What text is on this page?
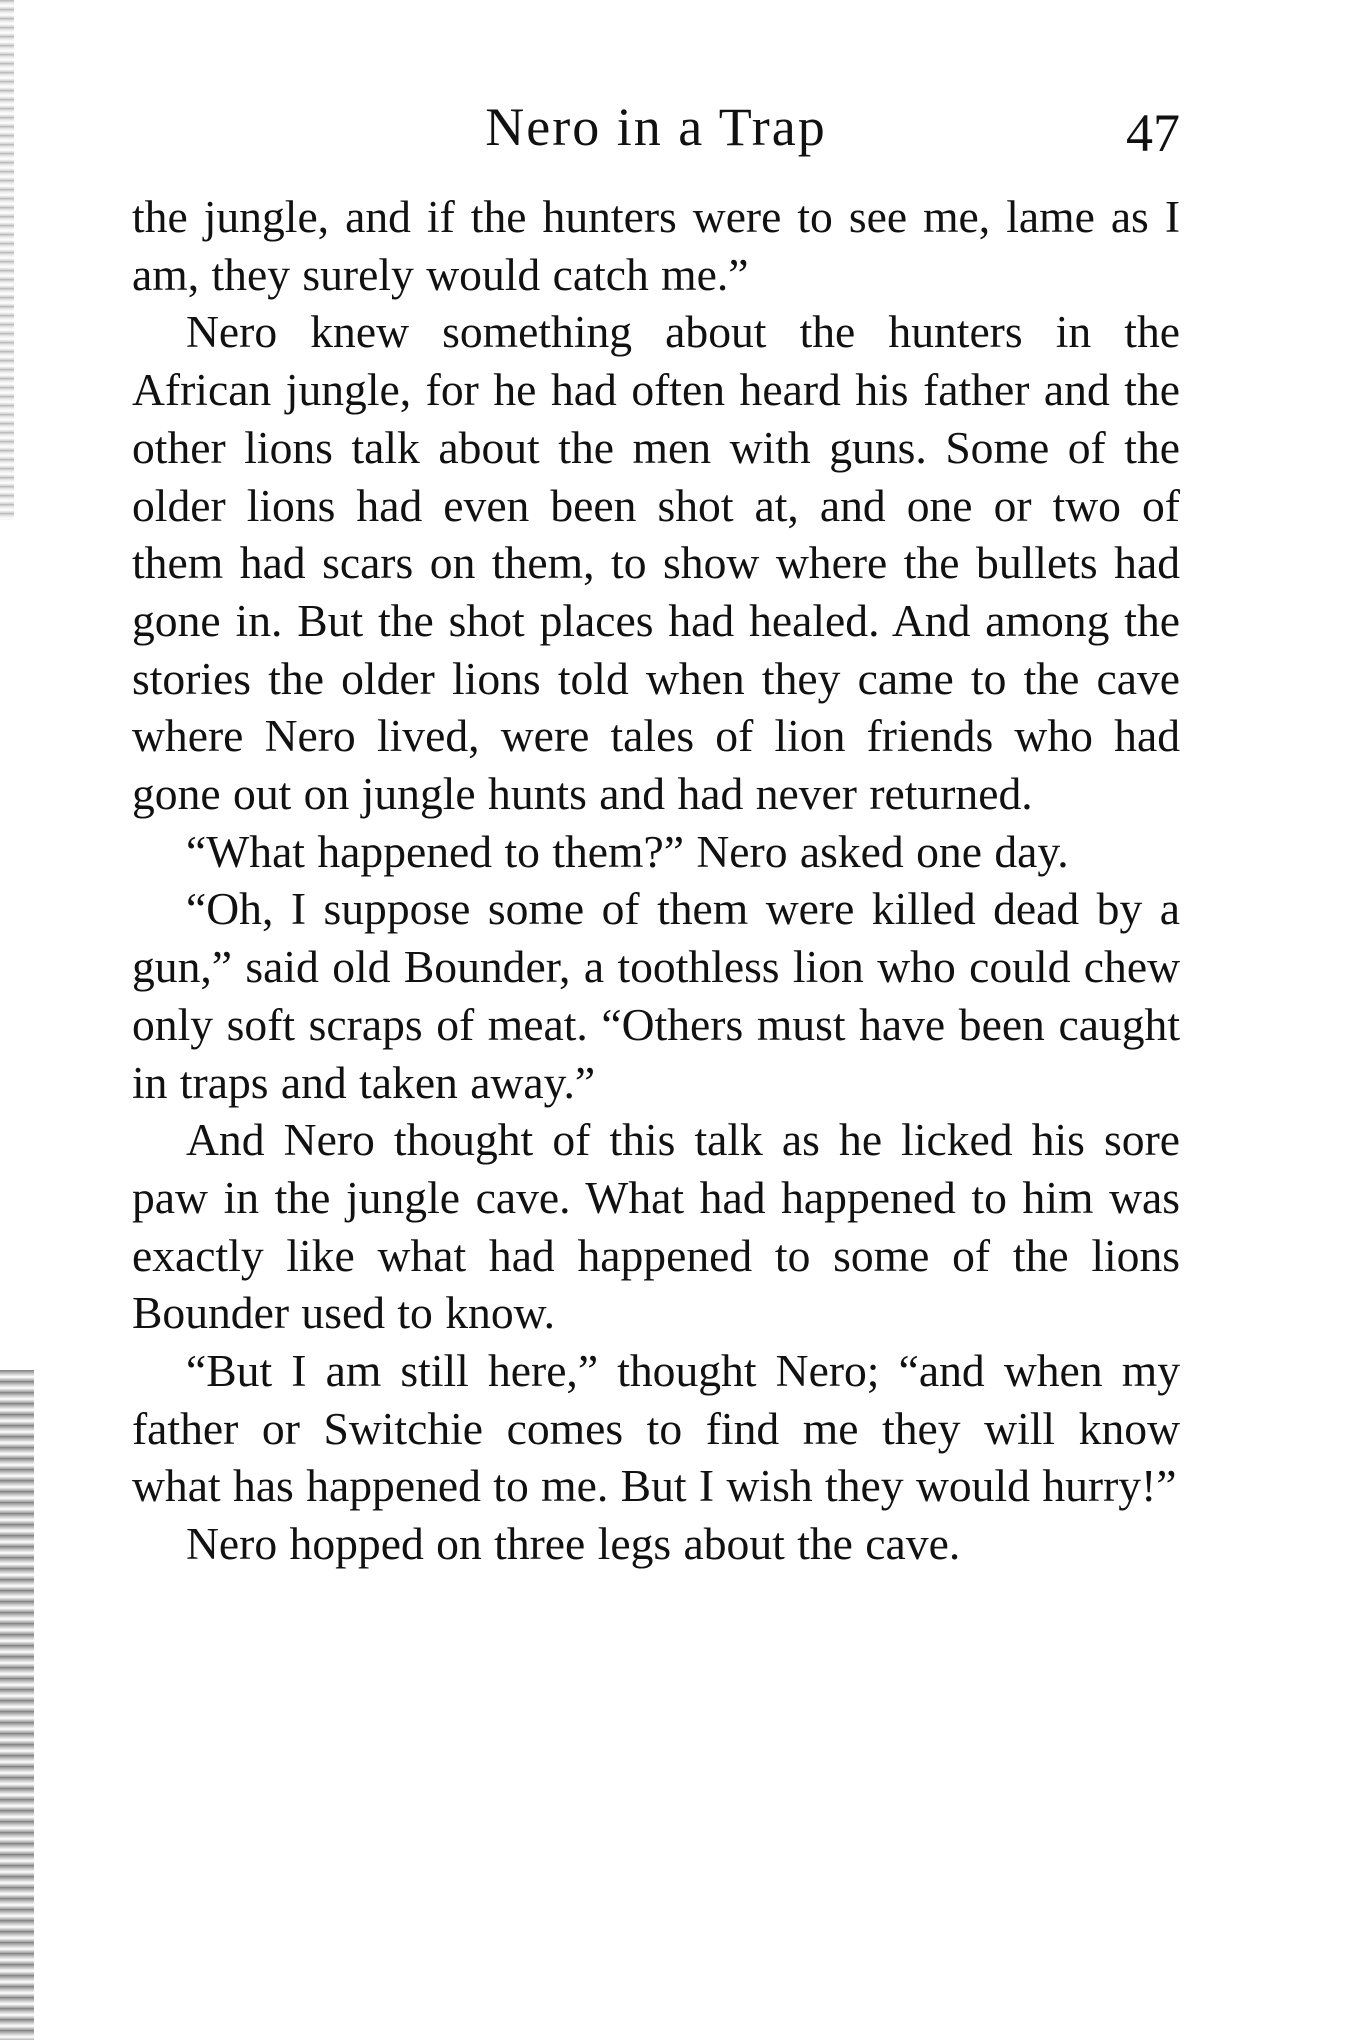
Nero in a Trap	47

the jungle, and if the hunters were to see me, lame as I am, they surely would catch me.”

Nero knew something about the hunters in the African jungle, for he had often heard his father and the other lions talk about the men with guns. Some of the older lions had even been shot at, and one or two of them had scars on them, to show where the bullets had gone in. But the shot places had healed. And among the stories the older lions told when they came to the cave where Nero lived, were tales of lion friends who had gone out on jungle hunts and had never returned.

“What happened to them?” Nero asked one day.

“Oh, I suppose some of them were killed dead by a gun,” said old Bounder, a toothless lion who could chew only soft scraps of meat. “Others must have been caught in traps and taken away.”

And Nero thought of this talk as he licked his sore paw in the jungle cave. What had happened to him was exactly like what had happened to some of the lions Bounder used to know.

“But I am still here,” thought Nero; “and when my father or Switchie comes to find me they will know what has happened to me. But I wish they would hurry!”

Nero hopped on three legs about the cave.
